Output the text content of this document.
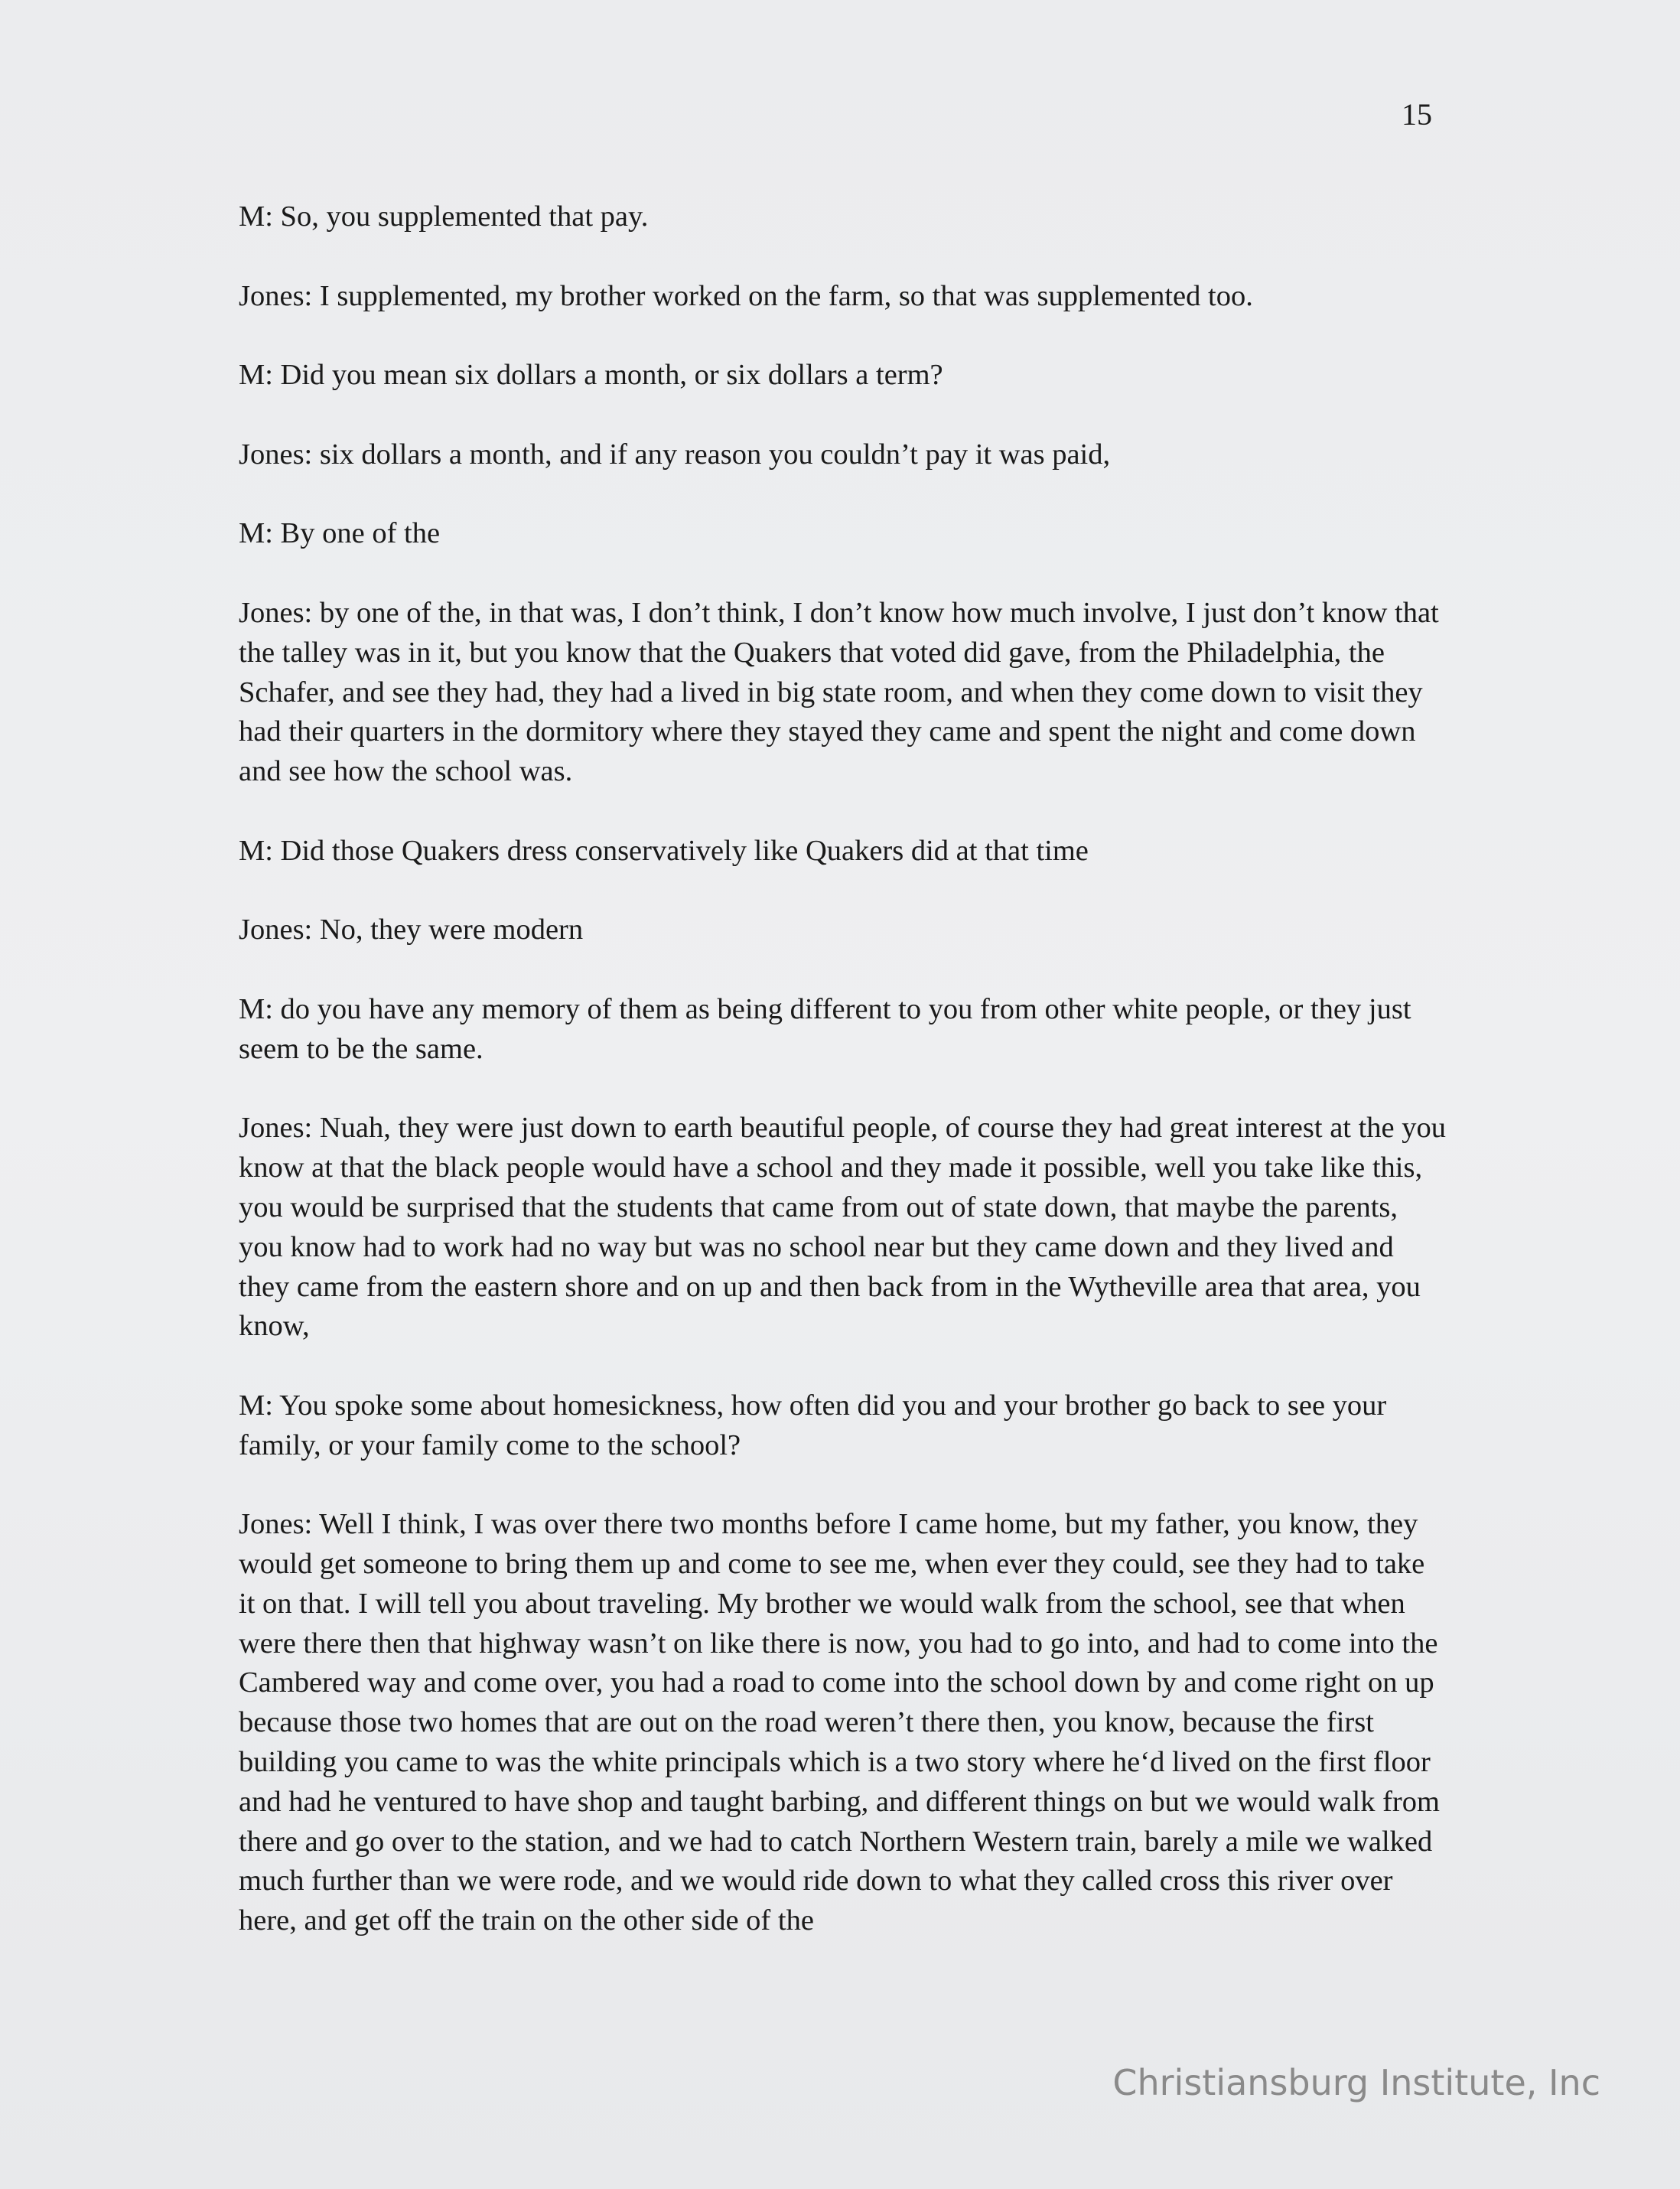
15

M: So, you supplemented that pay.

Jones: I supplemented, my brother worked on the farm, so that was supplemented too.

M: Did you mean six dollars a month, or six dollars a term?

Jones: six dollars a month, and if any reason you couldn’t pay it was paid,

M: By one of the

Jones: by one of the, in that was, I don’t think, I don’t know how much involve, I just don’t know that the talley was in it, but you know that the Quakers that voted did gave, from the Philadelphia, the Schafer, and see they had, they had a lived in big state room, and when they come down to visit they had their quarters in the dormitory where they stayed they came and spent the night and come down and see how the school was.

M: Did those Quakers dress conservatively like Quakers did at that time

Jones: No, they were modern

M: do you have any memory of them as being different to you from other white people, or they just seem to be the same.

Jones: Nuah, they were just down to earth beautiful people, of course they had great interest at the you know at that the black people would have a school and they made it possible, well you take like this, you would be surprised that the students that came from out of state down, that maybe the parents, you know had to work had no way but was no school near but they came down and they lived and they came from the eastern shore and on up and then back from in the Wytheville area that area, you know,

M: You spoke some about homesickness, how often did you and your brother go back to see your family, or your family come to the school?

Jones: Well I think, I was over there two months before I came home, but my father, you know, they would get someone to bring them up and come to see me, when ever they could, see they had to take it on that. I will tell you about traveling. My brother we would walk from the school, see that when were there then that highway wasn’t on like there is now, you had to go into, and had to come into the Cambered way and come over, you had a road to come into the school down by and come right on up because those two homes that are out on the road weren’t there then, you know, because the first building you came to was the white principals which is a two story where he‘d lived on the first floor and had he ventured to have shop and taught barbing, and different things on but we would walk from there and go over to the station, and we had to catch Northern Western train, barely a mile we walked much further than we were rode, and we would ride down to what they called cross this river over here, and get off the train on the other side of the

Christiansburg Institute, Inc
